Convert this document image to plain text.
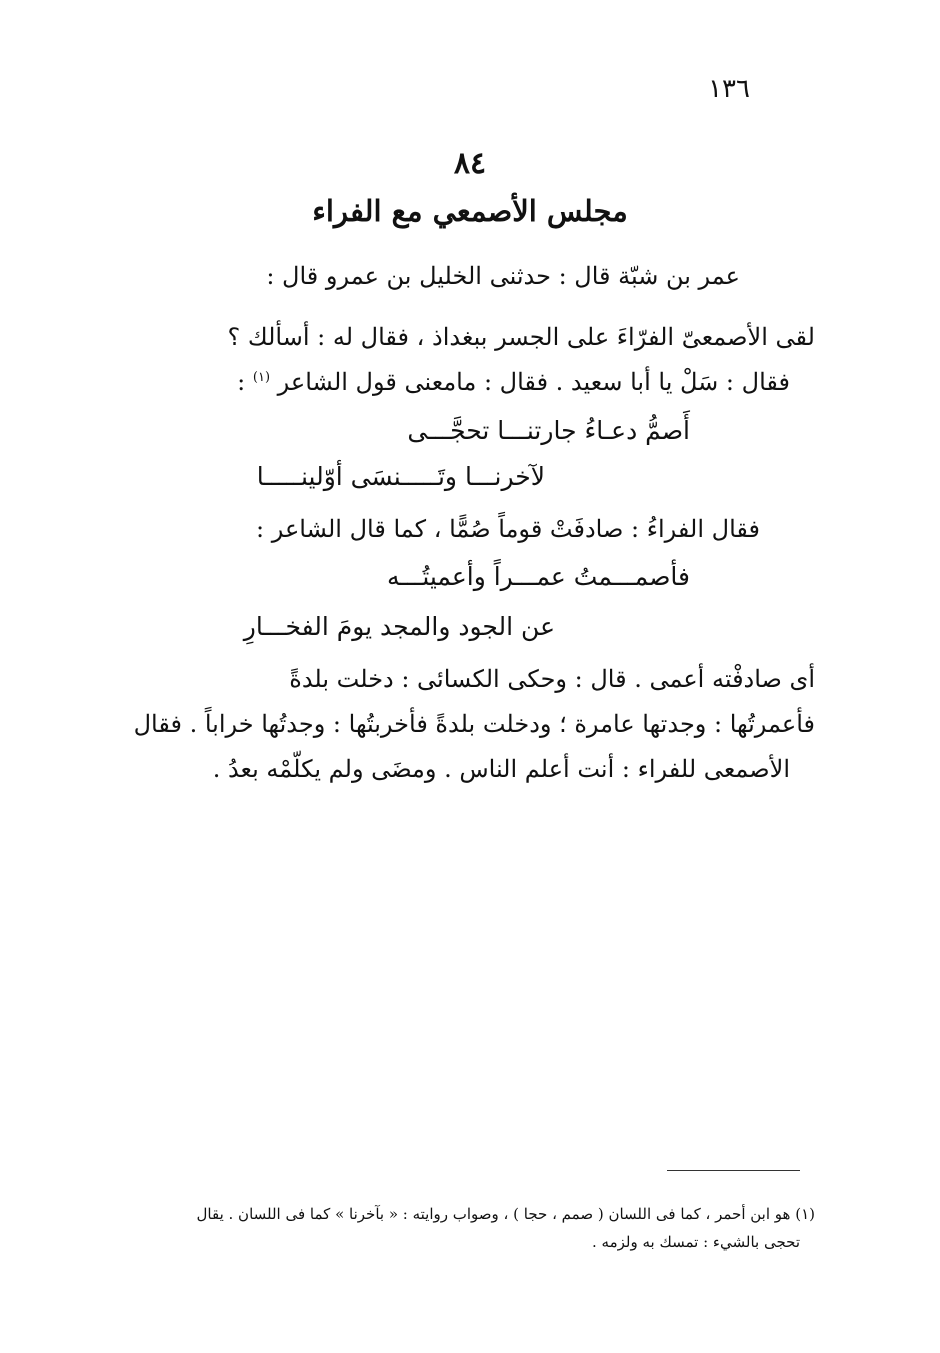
١٣٦
٨٤
مجلس الأصمعي مع الفراء
عمر بن شبّة قال : حدثنى الخليل بن عمرو قال :
لقى الأصمعىّ الفرّاءَ على الجسر ببغداذ ، فقال له : أسألك ؟
فقال : سَلْ يا أبا سعيد . فقال : مامعنى قول الشاعر $^{(١)}$ :
أَصمُّ دعـاءُ جارتنـــا تحجَّـــى
لآخرنـــا وتَـــــنسَى أوّلينـــــا
فقال الفراءُ : صادفَتْ قوماً صُمًّا ، كما قال الشاعر :
فأصمـــمتُ عمـــراً وأعميتُـــه
عن الجود والمجد يومَ الفخـــارِ
أى صادفْته أعمى . قال : وحكى الكسائى : دخلت بلدةً
فأعمرتُها : وجدتها عامرة ؛ ودخلت بلدةً فأخربتُها : وجدتُها خراباً . فقال
الأصمعى للفراء : أنت أعلم الناس . ومضَى ولم يكلّمْه بعدُ .
(١) هو ابن أحمر ، كما فى اللسان ( صمم ، حجا ) ، وصواب روايته : « بآخرنا » كما فى اللسان . يقال
تحجى بالشيء : تمسك به ولزمه .
